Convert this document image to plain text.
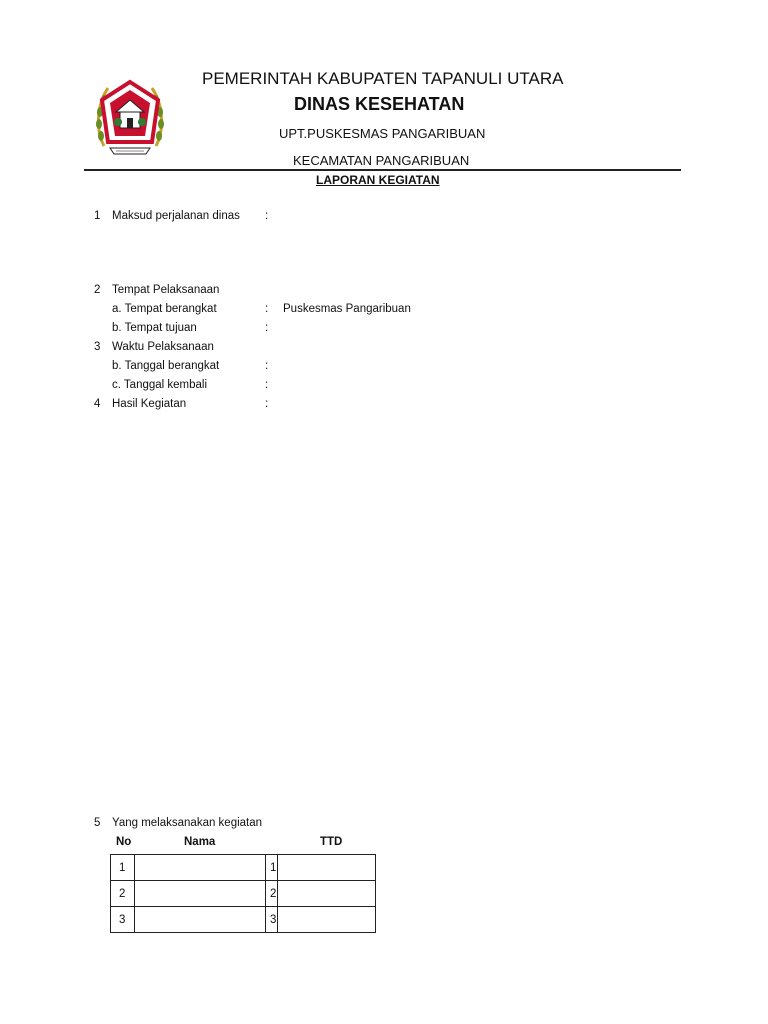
PEMERINTAH KABUPATEN TAPANULI UTARA
DINAS KESEHATAN
UPT.PUSKESMAS PANGARIBUAN
KECAMATAN PANGARIBUAN
LAPORAN KEGIATAN
1 Maksud perjalanan dinas :
2 Tempat Pelaksanaan
a. Tempat berangkat	: Puskesmas Pangaribuan
b. Tempat tujuan	:
3 Waktu Pelaksanaan
b. Tanggal berangkat	:
c. Tanggal kembali	:
4 Hasil Kegiatan	:
5 Yang melaksanakan kegiatan
No	Nama	TTD
1		1	
2		2	
3		3	
